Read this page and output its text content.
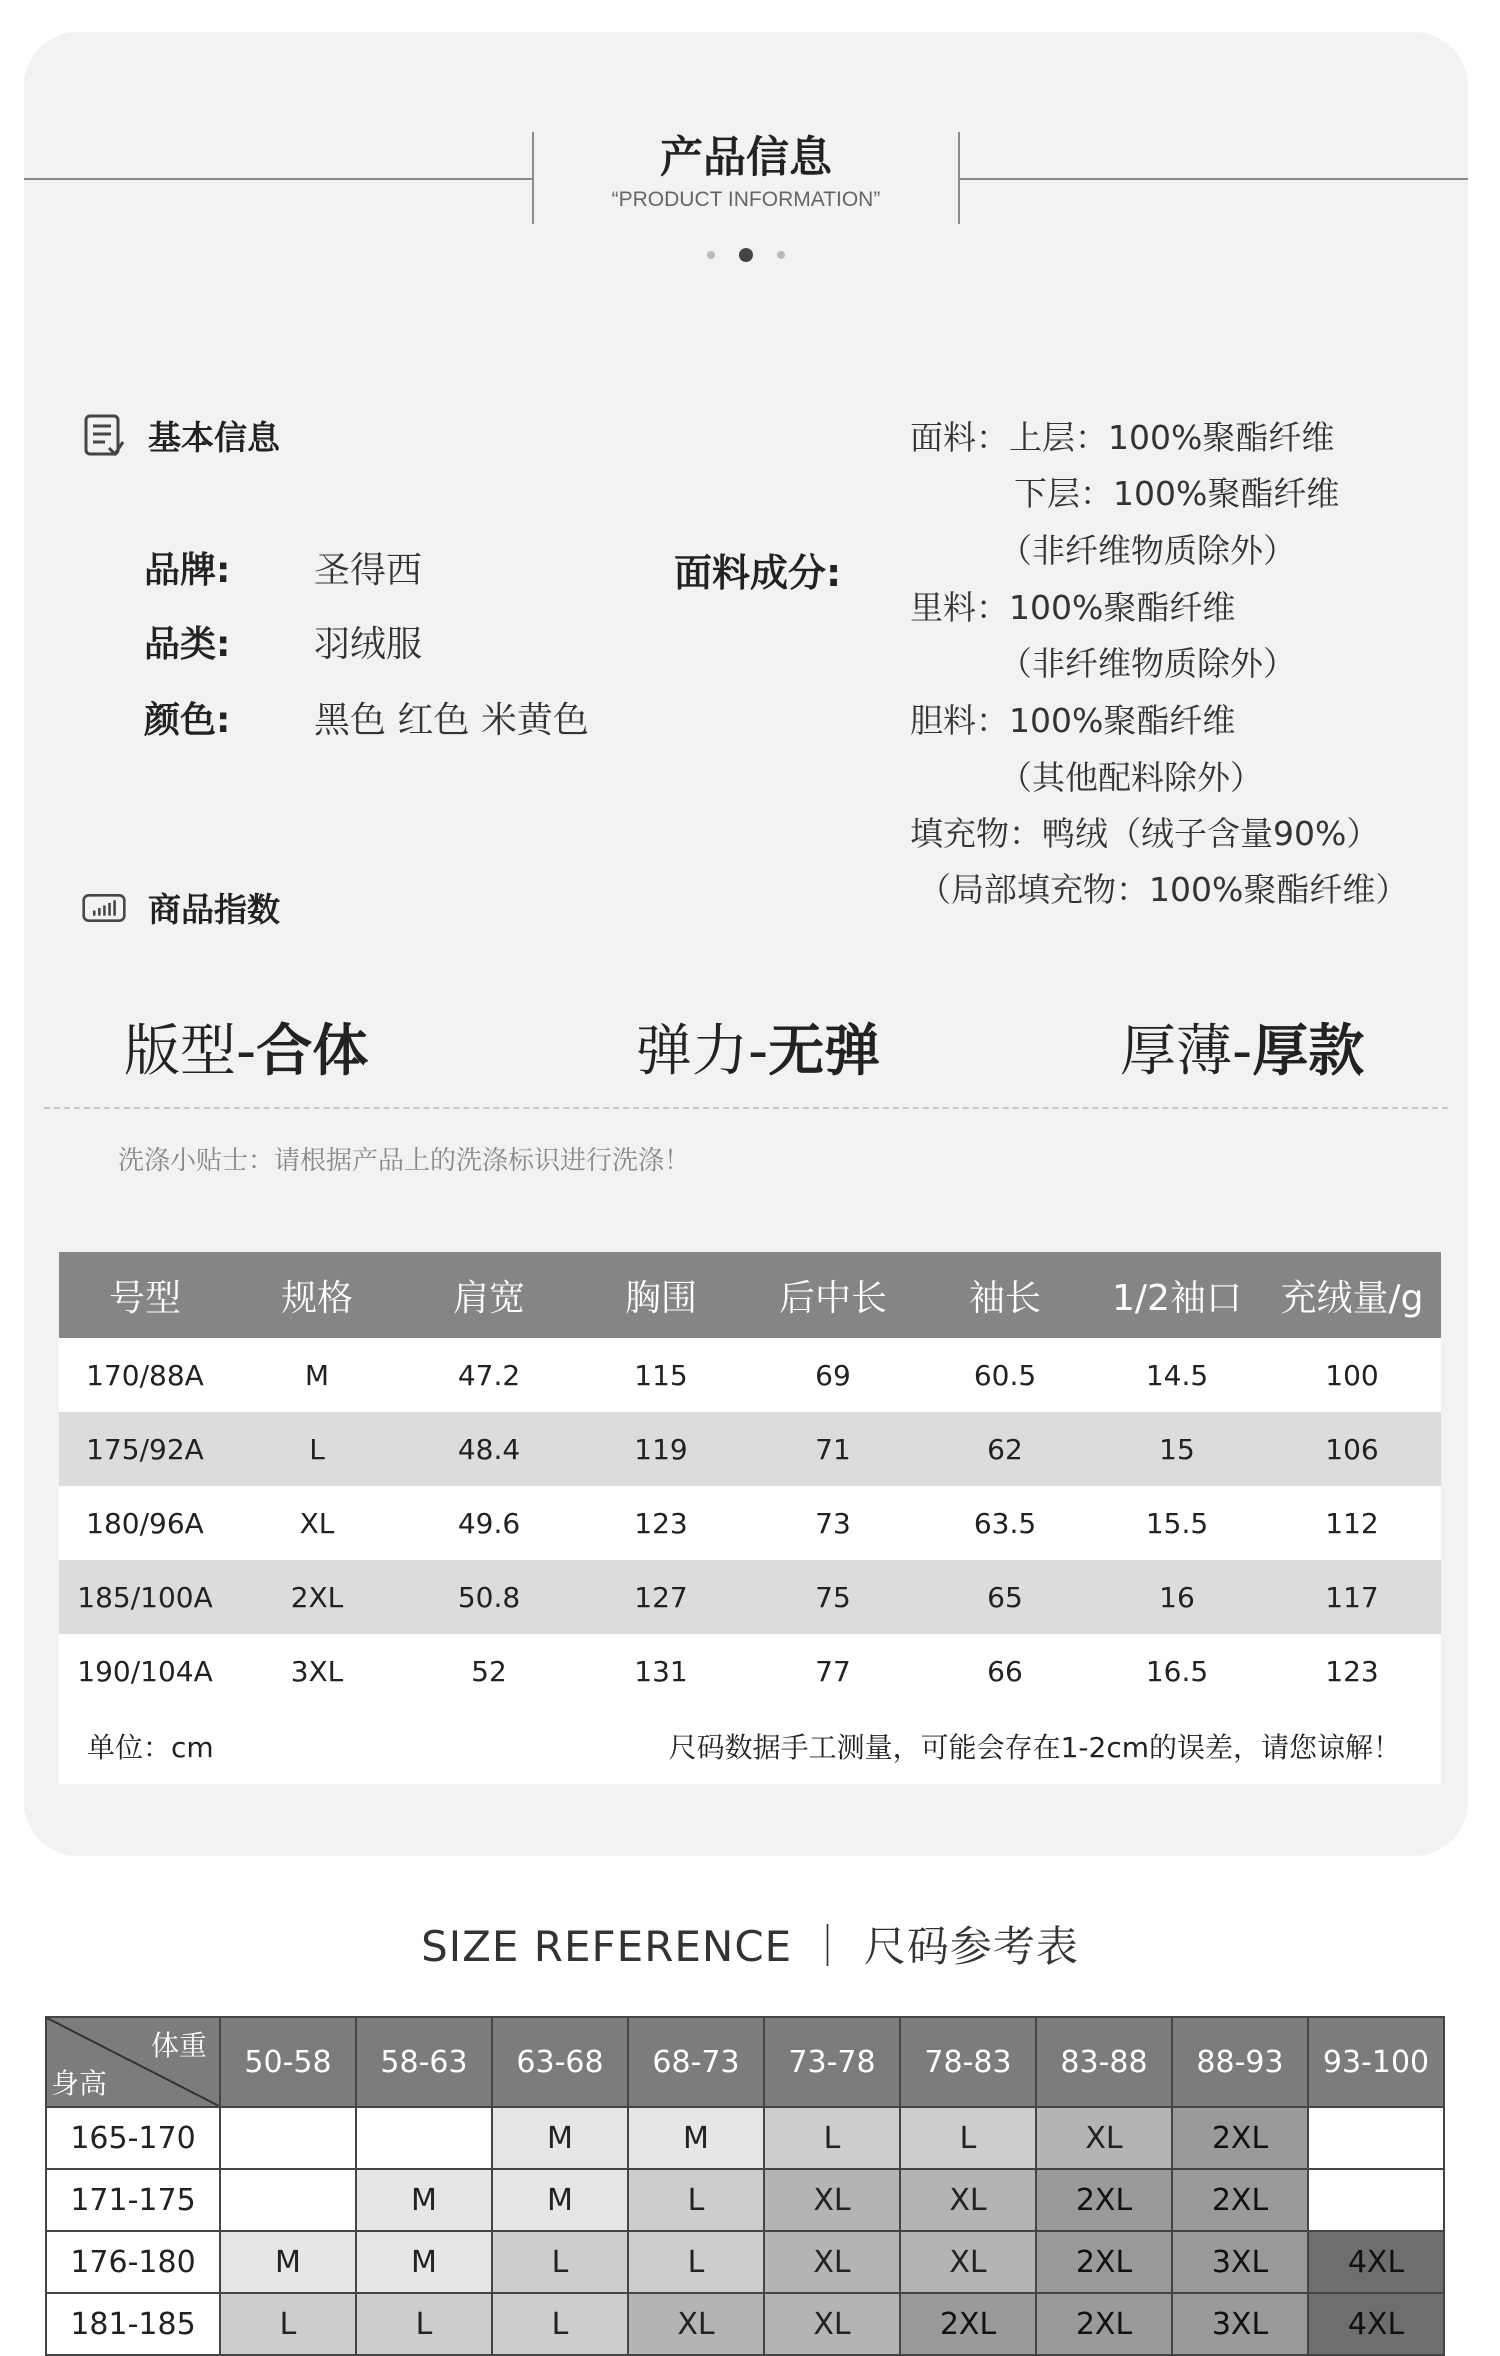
产品信息
“PRODUCT INFORMATION”
基本信息
品牌: 圣得西
品类: 羽绒服
颜色: 黑色 红色 米黄色
面料成分:
面料：上层：100%聚酯纤维
下层：100%聚酯纤维
（非纤维物质除外）
里料：100%聚酯纤维
（非纤维物质除外）
胆料：100%聚酯纤维
（其他配料除外）
填充物：鸭绒（绒子含量90%）
（局部填充物：100%聚酯纤维）
商品指数
版型-合体	弹力-无弹	厚薄-厚款
洗涤小贴士：请根据产品上的洗涤标识进行洗涤！
号型	规格	肩宽	胸围	后中长	袖长	1/2袖口	充绒量/g
170/88A	M	47.2	115	69	60.5	14.5	100
175/92A	L	48.4	119	71	62	15	106
180/96A	XL	49.6	123	73	63.5	15.5	112
185/100A	2XL	50.8	127	75	65	16	117
190/104A	3XL	52	131	77	66	16.5	123
单位：cm		尺码数据手工测量，可能会存在1-2cm的误差，请您谅解！					
SIZE REFERENCE ｜ 尺码参考表
体重
身高	50-58	58-63	63-68	68-73	73-78	78-83	83-88	88-93	93-100
165-170			M	M	L	L	XL	2XL	
171-175		M	M	L	XL	XL	2XL	2XL	
176-180	M	M	L	L	XL	XL	2XL	3XL	4XL
181-185	L	L	L	XL	XL	2XL	2XL	3XL	4XL
